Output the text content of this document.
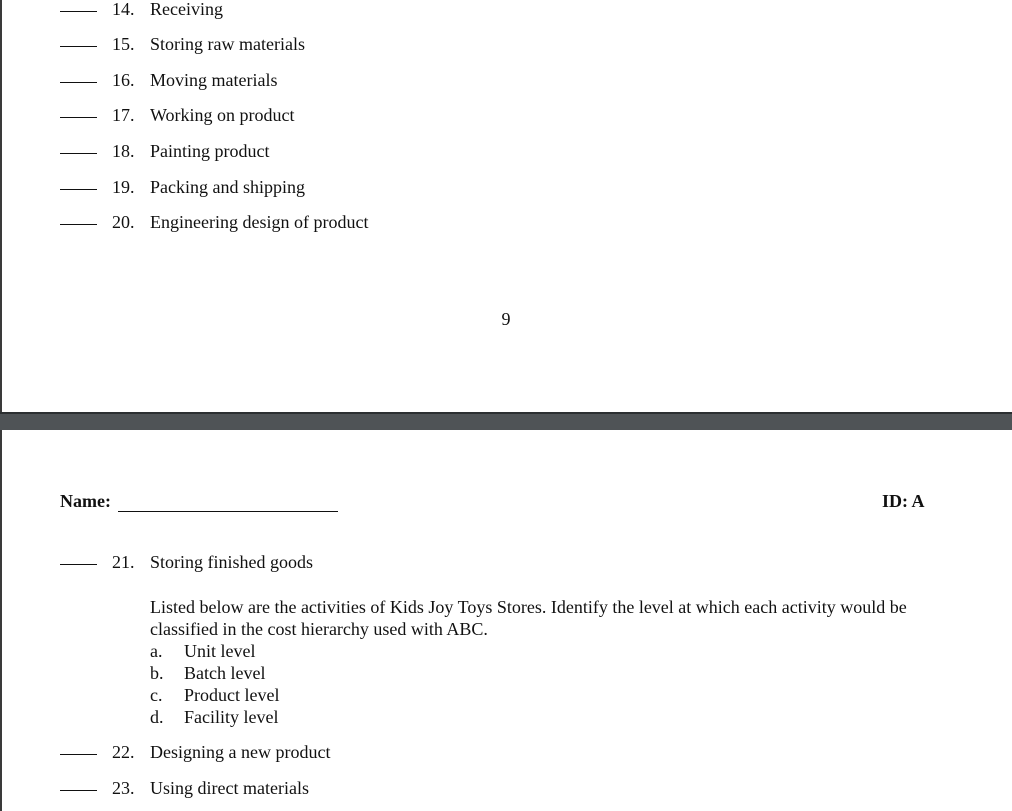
14. Receiving
15. Storing raw materials
16. Moving materials
17. Working on product
18. Painting product
19. Packing and shipping
20. Engineering design of product
9
Name:	ID: A
21. Storing finished goods
Listed below are the activities of Kids Joy Toys Stores. Identify the level at which each activity would be classified in the cost hierarchy used with ABC.
a. Unit level
b. Batch level
c. Product level
d. Facility level
22. Designing a new product
23. Using direct materials
